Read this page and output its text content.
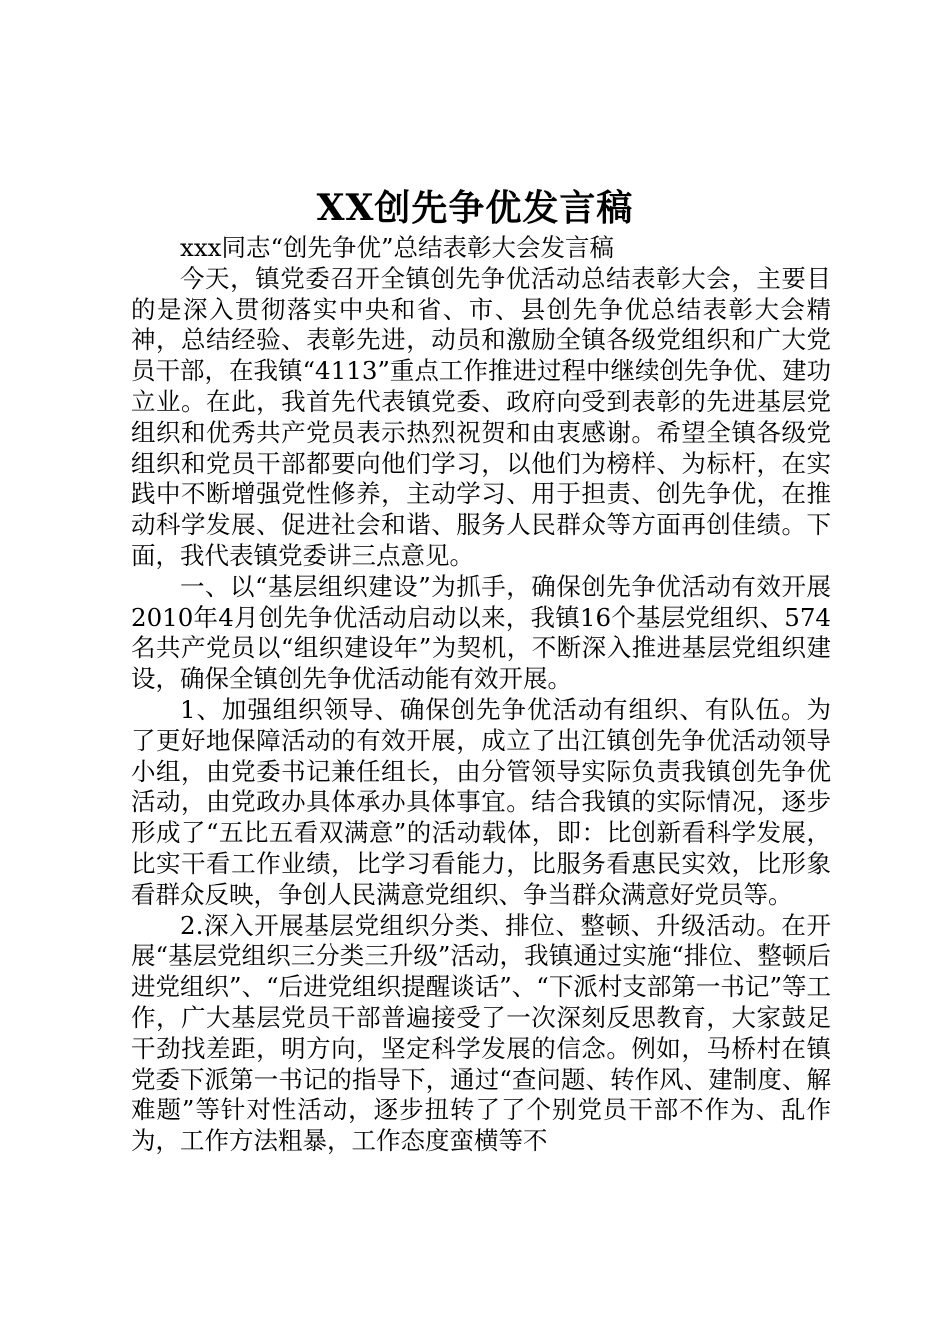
XX创先争优发言稿

xxx同志“创先争优”总结表彰大会发言稿

今天，镇党委召开全镇创先争优活动总结表彰大会，主要目的是深入贯彻落实中央和省、市、县创先争优总结表彰大会精神，总结经验、表彰先进，动员和激励全镇各级党组织和广大党员干部，在我镇“4113”重点工作推进过程中继续创先争优、建功立业。在此，我首先代表镇党委、政府向受到表彰的先进基层党组织和优秀共产党员表示热烈祝贺和由衷感谢。希望全镇各级党组织和党员干部都要向他们学习，以他们为榜样、为标杆，在实践中不断增强党性修养，主动学习、用于担责、创先争优，在推动科学发展、促进社会和谐、服务人民群众等方面再创佳绩。下面，我代表镇党委讲三点意见。

一、以“基层组织建设”为抓手，确保创先争优活动有效开展2010年4月创先争优活动启动以来，我镇16个基层党组织、574名共产党员以“组织建设年”为契机，不断深入推进基层党组织建设，确保全镇创先争优活动能有效开展。

1、加强组织领导、确保创先争优活动有组织、有队伍。为了更好地保障活动的有效开展，成立了出江镇创先争优活动领导小组，由党委书记兼任组长，由分管领导实际负责我镇创先争优活动，由党政办具体承办具体事宜。结合我镇的实际情况，逐步形成了“五比五看双满意”的活动载体，即：比创新看科学发展，比实干看工作业绩，比学习看能力，比服务看惠民实效，比形象看群众反映，争创人民满意党组织、争当群众满意好党员等。

2.深入开展基层党组织分类、排位、整顿、升级活动。在开展“基层党组织三分类三升级”活动，我镇通过实施“排位、整顿后进党组织”、“后进党组织提醒谈话”、“下派村支部第一书记”等工作，广大基层党员干部普遍接受了一次深刻反思教育，大家鼓足干劲找差距，明方向，坚定科学发展的信念。例如，马桥村在镇党委下派第一书记的指导下，通过“查问题、转作风、建制度、解难题”等针对性活动，逐步扭转了了个别党员干部不作为、乱作为，工作方法粗暴，工作态度蛮横等不
